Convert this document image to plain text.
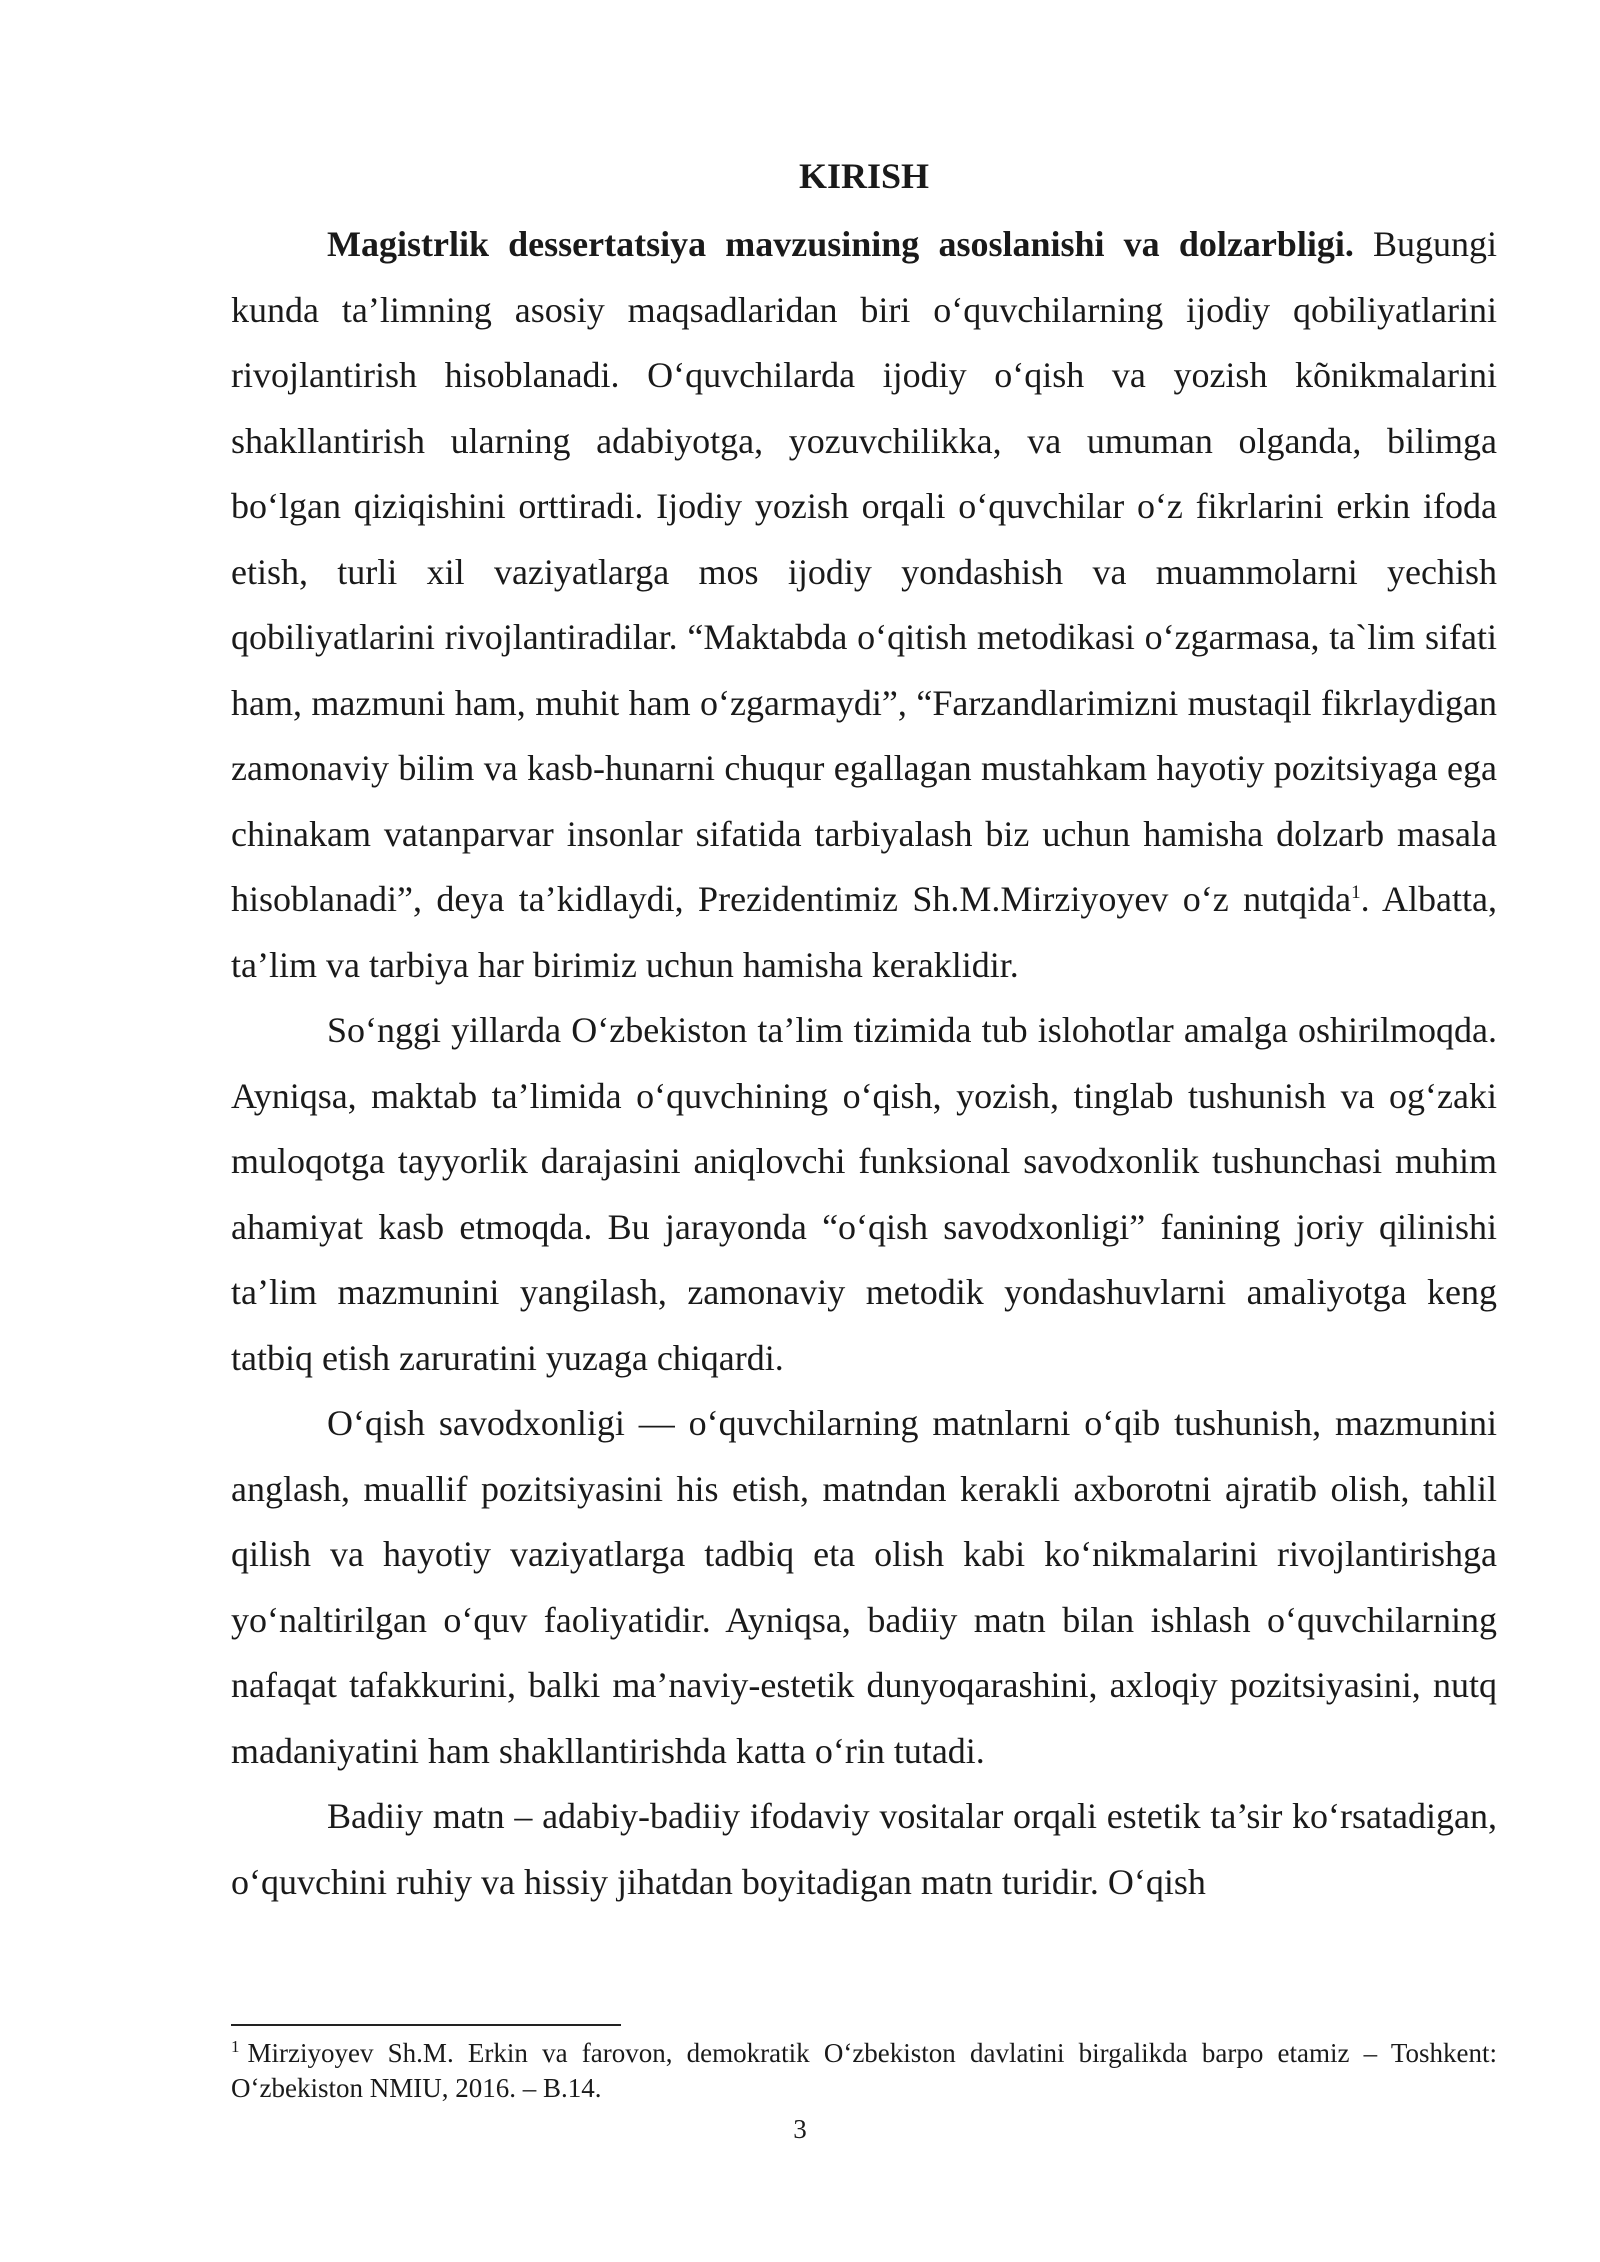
KIRISH

Magistrlik dessertatsiya mavzusining asoslanishi va dolzarbligi. Bugungi kunda ta’limning asosiy maqsadlaridan biri o‘quvchilarning ijodiy qobiliyatlarini rivojlantirish hisoblanadi. O‘quvchilarda ijodiy o‘qish va yozish kõnikmalarini shakllantirish ularning adabiyotga, yozuvchilikka, va umuman olganda, bilimga bo‘lgan qiziqishini orttiradi. Ijodiy yozish orqali o‘quvchilar o‘z fikrlarini erkin ifoda etish, turli xil vaziyatlarga mos ijodiy yondashish va muammolarni yechish qobiliyatlarini rivojlantiradilar. “Maktabda o‘qitish metodikasi o‘zgarmasa, ta`lim sifati ham, mazmuni ham, muhit ham o‘zgarmaydi”, “Farzandlarimizni mustaqil fikrlaydigan zamonaviy bilim va kasb-hunarni chuqur egallagan mustahkam hayotiy pozitsiyaga ega chinakam vatanparvar insonlar sifatida tarbiyalash biz uchun hamisha dolzarb masala hisoblanadi”, deya ta’kidlaydi, Prezidentimiz Sh.M.Mirziyoyev o‘z nutqida$^1$. Albatta, ta’lim va tarbiya har birimiz uchun hamisha keraklidir.

So‘nggi yillarda O‘zbekiston ta’lim tizimida tub islohotlar amalga oshirilmoqda. Ayniqsa, maktab ta’limida o‘quvchining o‘qish, yozish, tinglab tushunish va og‘zaki muloqotga tayyorlik darajasini aniqlovchi funksional savodxonlik tushunchasi muhim ahamiyat kasb etmoqda. Bu jarayonda “o‘qish savodxonligi” fanining joriy qilinishi ta’lim mazmunini yangilash, zamonaviy metodik yondashuvlarni amaliyotga keng tatbiq etish zaruratini yuzaga chiqardi.

O‘qish savodxonligi — o‘quvchilarning matnlarni o‘qib tushunish, mazmunini anglash, muallif pozitsiyasini his etish, matndan kerakli axborotni ajratib olish, tahlil qilish va hayotiy vaziyatlarga tadbiq eta olish kabi ko‘nikmalarini rivojlantirishga yo‘naltirilgan o‘quv faoliyatidir. Ayniqsa, badiiy matn bilan ishlash o‘quvchilarning nafaqat tafakkurini, balki ma’naviy-estetik dunyoqarashini, axloqiy pozitsiyasini, nutq madaniyatini ham shakllantirishda katta o‘rin tutadi.

Badiiy matn – adabiy-badiiy ifodaviy vositalar orqali estetik ta’sir ko‘rsatadigan, o‘quvchini ruhiy va hissiy jihatdan boyitadigan matn turidir. O‘qish

$^1$ Mirziyoyev Sh.M. Erkin va farovon, demokratik O‘zbekiston davlatini birgalikda barpo etamiz – Toshkent: O‘zbekiston NMIU, 2016. – B.14.

3
